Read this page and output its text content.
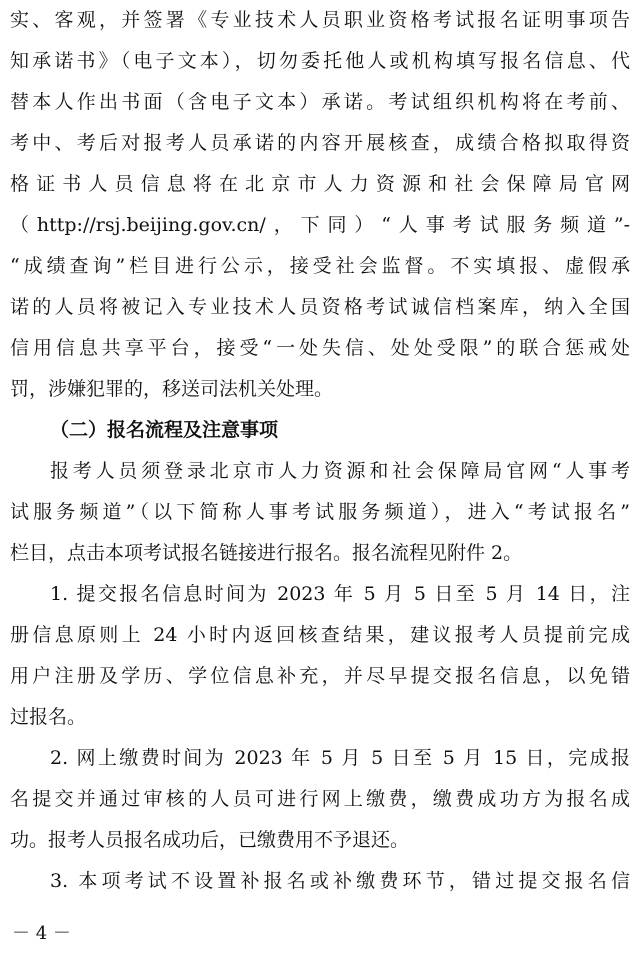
实、客观，并签署《专业技术人员职业资格考试报名证明事项告
知承诺书》（电子文本），切勿委托他人或机构填写报名信息、代
替本人作出书面（含电子文本）承诺。考试组织机构将在考前、
考中、考后对报考人员承诺的内容开展核查，成绩合格拟取得资
格证书人员信息将在北京市人力资源和社会保障局官网
（http://rsj.beijing.gov.cn/，下同）“人事考试服务频道”-
“成绩查询”栏目进行公示，接受社会监督。不实填报、虚假承
诺的人员将被记入专业技术人员资格考试诚信档案库，纳入全国
信用信息共享平台，接受“一处失信、处处受限”的联合惩戒处
罚，涉嫌犯罪的，移送司法机关处理。
（二）报名流程及注意事项
报考人员须登录北京市人力资源和社会保障局官网“人事考
试服务频道”（以下简称人事考试服务频道），进入“考试报名”
栏目，点击本项考试报名链接进行报名。报名流程见附件 2。
1. 提交报名信息时间为 2023 年 5 月 5 日至 5 月 14 日，注
册信息原则上 24 小时内返回核查结果，建议报考人员提前完成
用户注册及学历、学位信息补充，并尽早提交报名信息，以免错
过报名。
2. 网上缴费时间为 2023 年 5 月 5 日至 5 月 15 日，完成报
名提交并通过审核的人员可进行网上缴费，缴费成功方为报名成
功。报考人员报名成功后，已缴费用不予退还。
3. 本项考试不设置补报名或补缴费环节，错过提交报名信
－ 4 －
